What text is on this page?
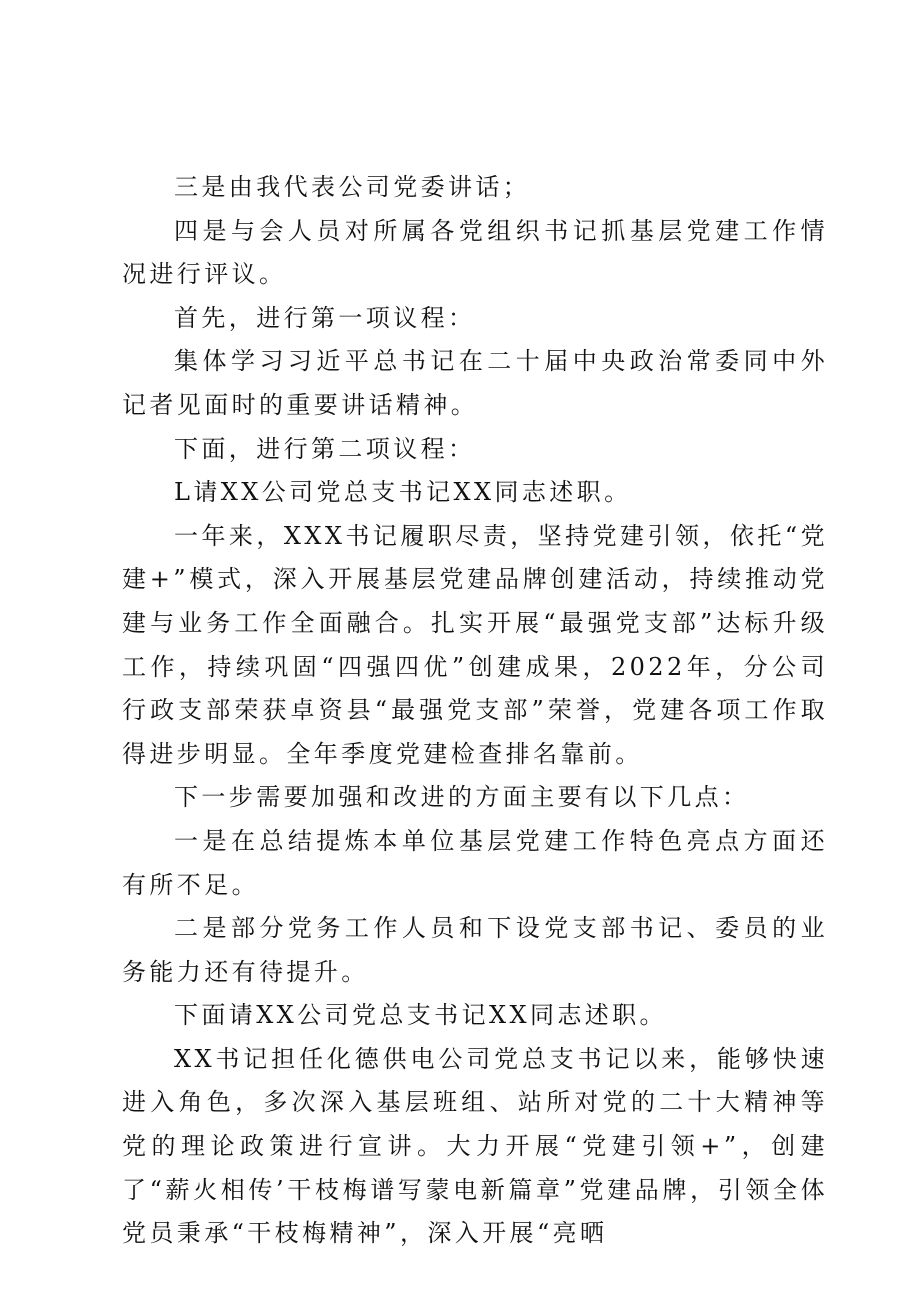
三是由我代表公司党委讲话；

四是与会人员对所属各党组织书记抓基层党建工作情况进行评议。

首先，进行第一项议程：

集体学习习近平总书记在二十届中央政治常委同中外记者见面时的重要讲话精神。

下面，进行第二项议程：

L请XX公司党总支书记XX同志述职。

一年来，XXX书记履职尽责，坚持党建引领，依托“党建+”模式，深入开展基层党建品牌创建活动，持续推动党建与业务工作全面融合。扎实开展“最强党支部”达标升级工作，持续巩固“四强四优”创建成果，2022年，分公司行政支部荣获卓资县“最强党支部”荣誉，党建各项工作取得进步明显。全年季度党建检查排名靠前。

下一步需要加强和改进的方面主要有以下几点：

一是在总结提炼本单位基层党建工作特色亮点方面还有所不足。

二是部分党务工作人员和下设党支部书记、委员的业务能力还有待提升。

下面请XX公司党总支书记XX同志述职。

XX书记担任化德供电公司党总支书记以来，能够快速进入角色，多次深入基层班组、站所对党的二十大精神等党的理论政策进行宣讲。大力开展“党建引领+”，创建了“薪火相传’干枝梅谱写蒙电新篇章”党建品牌，引领全体党员秉承“干枝梅精神”，深入开展“亮晒
